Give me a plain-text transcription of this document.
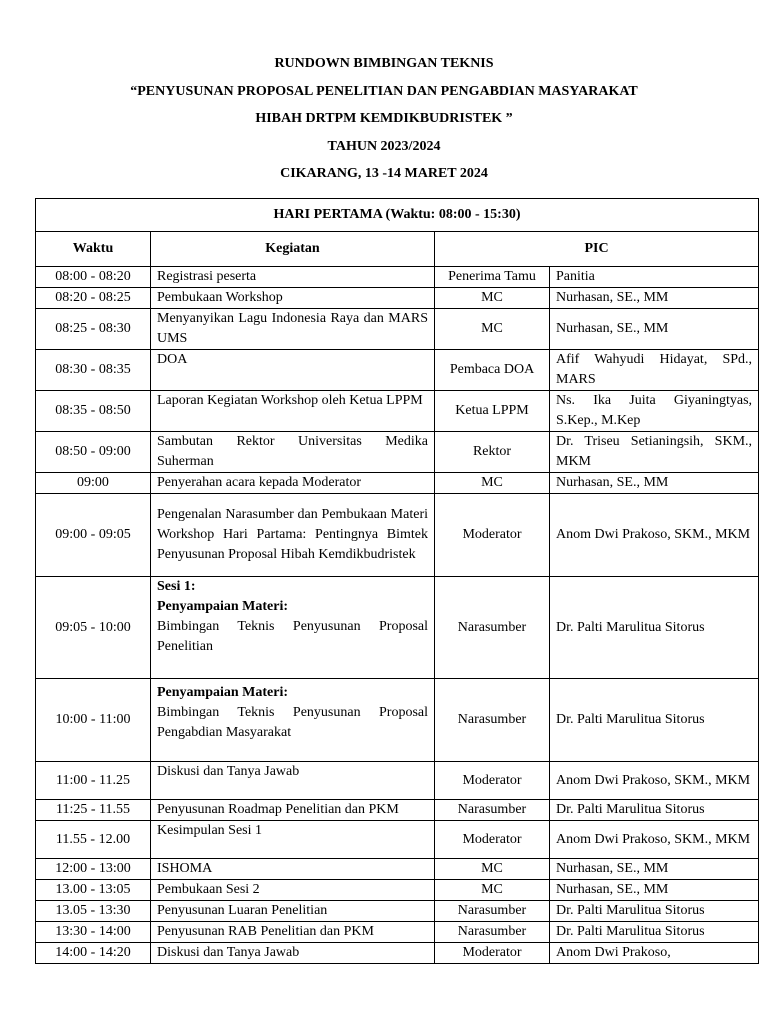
RUNDOWN BIMBINGAN TEKNIS
“PENYUSUNAN PROPOSAL PENELITIAN DAN PENGABDIAN MASYARAKAT
HIBAH DRTPM KEMDIKBUDRISTEK ”
TAHUN 2023/2024
CIKARANG, 13 -14 MARET 2024
HARI PERTAMA (Waktu: 08:00 - 15:30)			
Waktu	Kegiatan	PIC	
08:00 - 08:20	Registrasi peserta	Penerima Tamu	Panitia
08:20 - 08:25	Pembukaan Workshop	MC	Nurhasan, SE., MM
08:25 - 08:30	Menyanyikan Lagu Indonesia Raya dan MARS UMS	MC	Nurhasan, SE., MM
08:30 - 08:35	DOA	Pembaca DOA	Afif Wahyudi Hidayat, SPd., MARS
08:35 - 08:50	Laporan Kegiatan Workshop oleh Ketua LPPM	Ketua LPPM	Ns. Ika Juita Giyaningtyas, S.Kep., M.Kep
08:50 - 09:00	Sambutan Rektor Universitas Medika Suherman	Rektor	Dr. Triseu Setianingsih, SKM., MKM
09:00	Penyerahan acara kepada Moderator	MC	Nurhasan, SE., MM
09:00 - 09:05	Pengenalan Narasumber dan Pembukaan Materi Workshop Hari Partama: Pentingnya Bimtek Penyusunan Proposal Hibah Kemdikbudristek	Moderator	Anom Dwi Prakoso, SKM., MKM
09:05 - 10:00	Sesi 1:
Penyampaian Materi:
Bimbingan Teknis Penyusunan Proposal Penelitian	Narasumber	Dr. Palti Marulitua Sitorus
10:00 - 11:00	Penyampaian Materi:
Bimbingan Teknis Penyusunan Proposal Pengabdian Masyarakat	Narasumber	Dr. Palti Marulitua Sitorus
11:00 - 11.25	Diskusi dan Tanya Jawab	Moderator	Anom Dwi Prakoso, SKM., MKM
11:25 - 11.55	Penyusunan Roadmap Penelitian dan PKM	Narasumber	Dr. Palti Marulitua Sitorus
11.55 - 12.00	Kesimpulan Sesi 1	Moderator	Anom Dwi Prakoso, SKM., MKM
12:00 - 13:00	ISHOMA	MC	Nurhasan, SE., MM
13.00 - 13:05	Pembukaan Sesi 2	MC	Nurhasan, SE., MM
13.05 - 13:30	Penyusunan Luaran Penelitian	Narasumber	Dr. Palti Marulitua Sitorus
13:30 - 14:00	Penyusunan RAB Penelitian dan PKM	Narasumber	Dr. Palti Marulitua Sitorus
14:00 - 14:20	Diskusi dan Tanya Jawab	Moderator	Anom Dwi Prakoso,
